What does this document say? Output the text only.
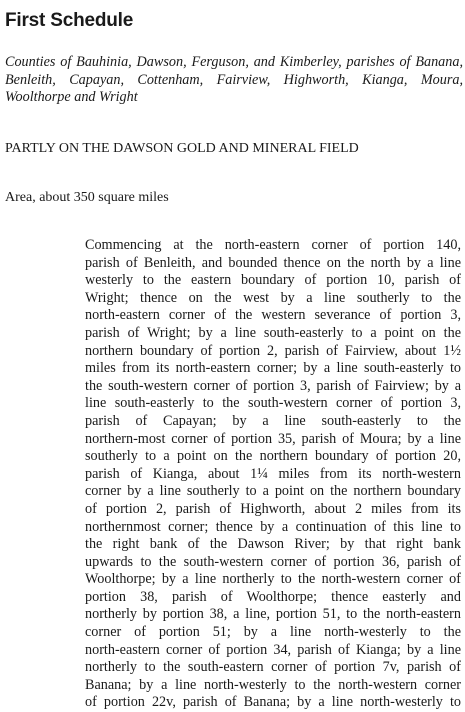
First Schedule

Counties of Bauhinia, Dawson, Ferguson, and Kimberley, parishes of Banana, Benleith, Capayan, Cottenham, Fairview, Highworth, Kianga, Moura, Woolthorpe and Wright

PARTLY ON THE DAWSON GOLD AND MINERAL FIELD

Area, about 350 square miles

Commencing at the north-eastern corner of portion 140,
parish of Benleith, and bounded thence on the north by a line
westerly to the eastern boundary of portion 10, parish of
Wright; thence on the west by a line southerly to the
north-eastern corner of the western severance of portion 3,
parish of Wright; by a line south-easterly to a point on the
northern boundary of portion 2, parish of Fairview, about 1½
miles from its north-eastern corner; by a line south-easterly to
the south-western corner of portion 3, parish of Fairview; by a
line south-easterly to the south-western corner of portion 3,
parish of Capayan; by a line south-easterly to the
northern-most corner of portion 35, parish of Moura; by a line
southerly to a point on the northern boundary of portion 20,
parish of Kianga, about 1¼ miles from its north-western
corner by a line southerly to a point on the northern boundary
of portion 2, parish of Highworth, about 2 miles from its
northernmost corner; thence by a continuation of this line to
the right bank of the Dawson River; by that right bank
upwards to the south-western corner of portion 36, parish of
Woolthorpe; by a line northerly to the north-western corner of
portion 38, parish of Woolthorpe; thence easterly and
northerly by portion 38, a line, portion 51, to the north-eastern
corner of portion 51; by a line north-westerly to the
north-eastern corner of portion 34, parish of Kianga; by a line
northerly to the south-eastern corner of portion 7v, parish of
Banana; by a line north-westerly to the north-western corner
of portion 22v, parish of Banana; by a line north-westerly to
